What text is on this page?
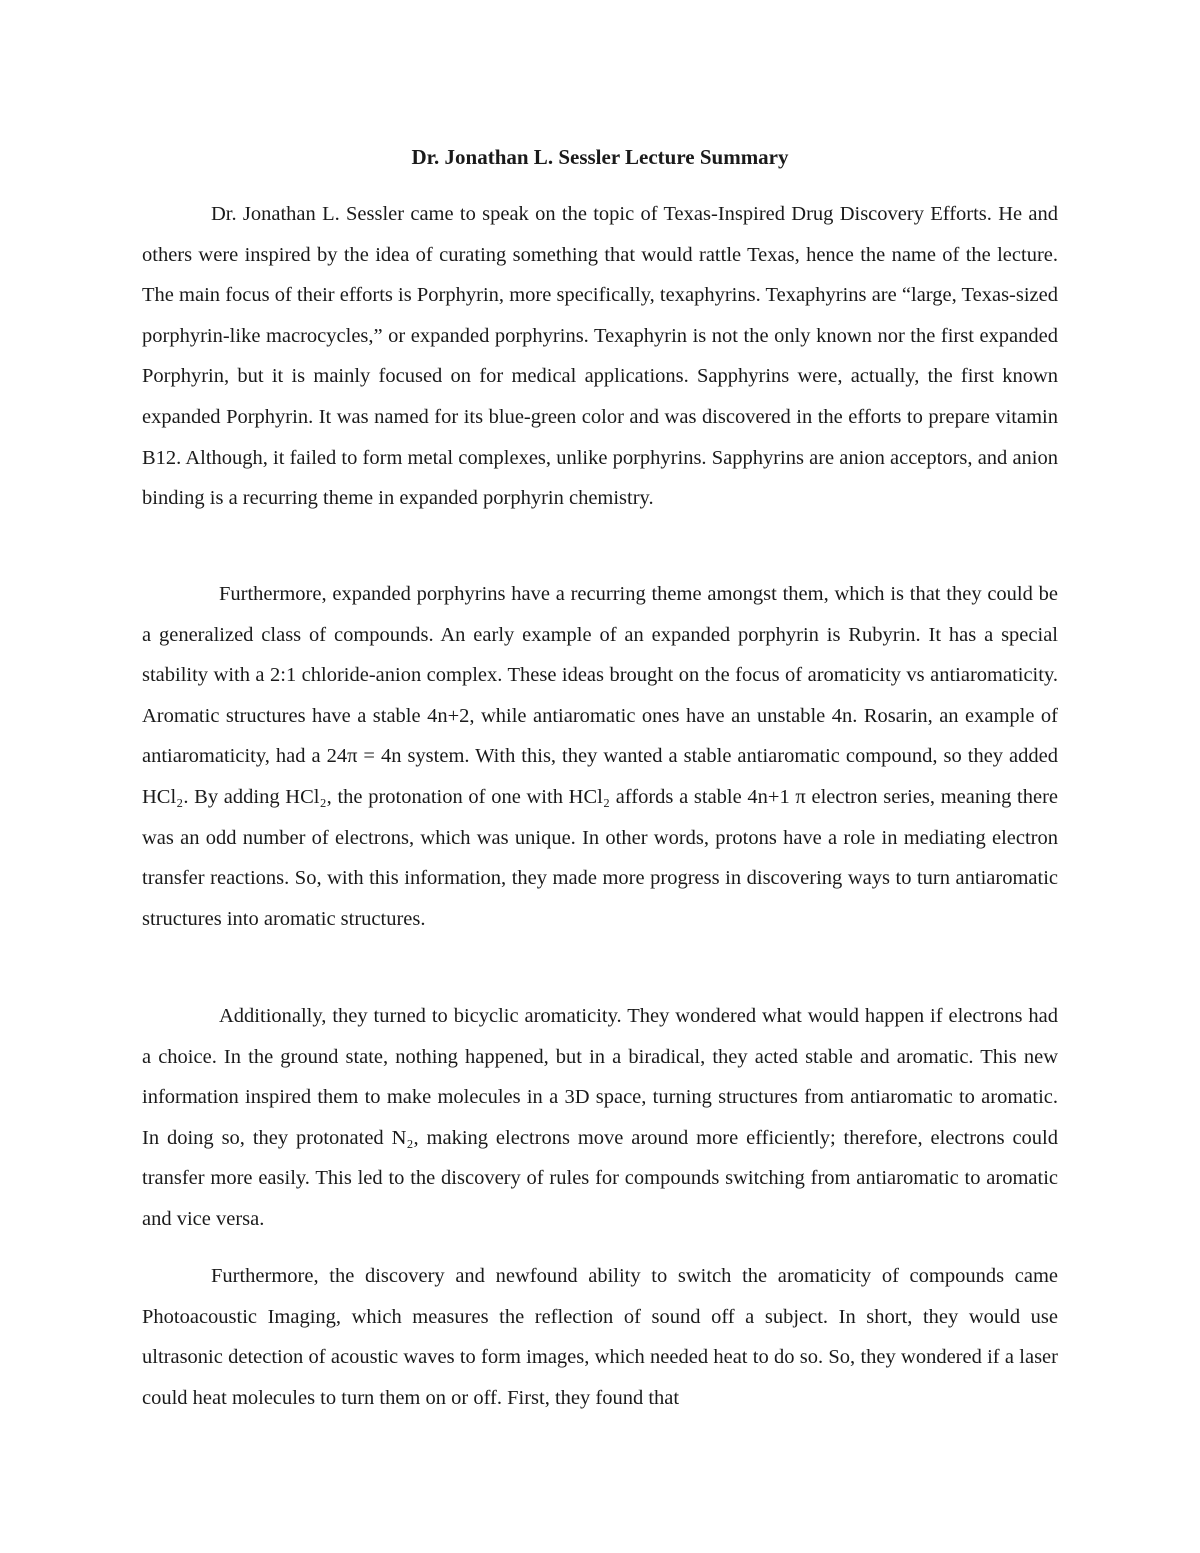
Dr. Jonathan L. Sessler Lecture Summary

Dr. Jonathan L. Sessler came to speak on the topic of Texas-Inspired Drug Discovery Efforts. He and others were inspired by the idea of curating something that would rattle Texas, hence the name of the lecture. The main focus of their efforts is Porphyrin, more specifically, texaphyrins. Texaphyrins are “large, Texas-sized porphyrin-like macrocycles,” or expanded porphyrins. Texaphyrin is not the only known nor the first expanded Porphyrin, but it is mainly focused on for medical applications. Sapphyrins were, actually, the first known expanded Porphyrin. It was named for its blue-green color and was discovered in the efforts to prepare vitamin B12. Although, it failed to form metal complexes, unlike porphyrins. Sapphyrins are anion acceptors, and anion binding is a recurring theme in expanded porphyrin chemistry.

Furthermore, expanded porphyrins have a recurring theme amongst them, which is that they could be a generalized class of compounds. An early example of an expanded porphyrin is Rubyrin. It has a special stability with a 2:1 chloride-anion complex. These ideas brought on the focus of aromaticity vs antiaromaticity. Aromatic structures have a stable 4n+2, while antiaromatic ones have an unstable 4n. Rosarin, an example of antiaromaticity, had a 24π = 4n system. With this, they wanted a stable antiaromatic compound, so they added HCl₂. By adding HCl₂, the protonation of one with HCl₂ affords a stable 4n+1 π electron series, meaning there was an odd number of electrons, which was unique. In other words, protons have a role in mediating electron transfer reactions. So, with this information, they made more progress in discovering ways to turn antiaromatic structures into aromatic structures.

Additionally, they turned to bicyclic aromaticity. They wondered what would happen if electrons had a choice. In the ground state, nothing happened, but in a biradical, they acted stable and aromatic. This new information inspired them to make molecules in a 3D space, turning structures from antiaromatic to aromatic. In doing so, they protonated N₂, making electrons move around more efficiently; therefore, electrons could transfer more easily. This led to the discovery of rules for compounds switching from antiaromatic to aromatic and vice versa.

Furthermore, the discovery and newfound ability to switch the aromaticity of compounds came Photoacoustic Imaging, which measures the reflection of sound off a subject. In short, they would use ultrasonic detection of acoustic waves to form images, which needed heat to do so. So, they wondered if a laser could heat molecules to turn them on or off. First, they found that
